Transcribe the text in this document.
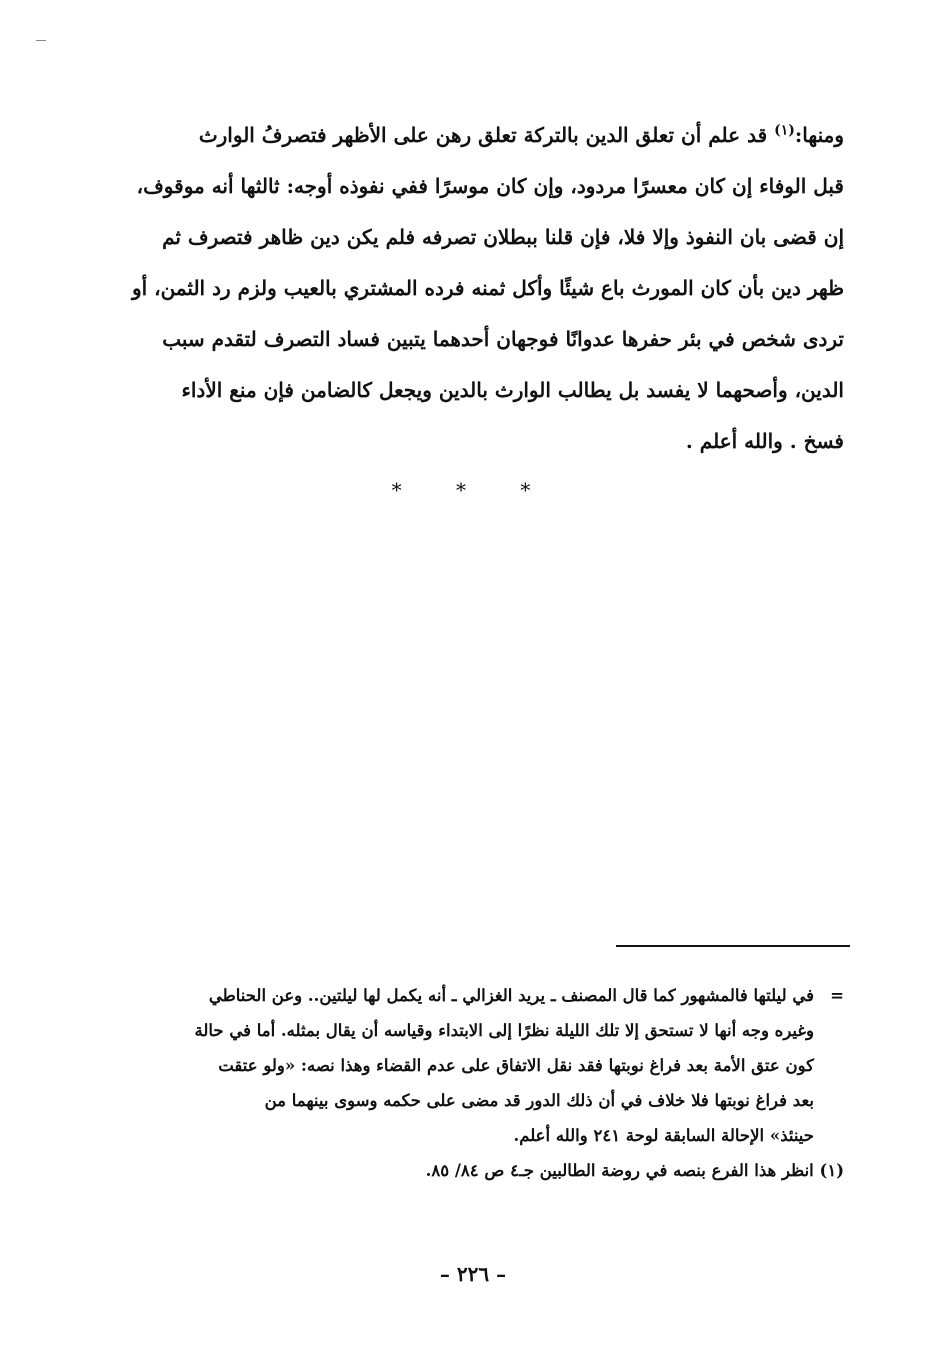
ومنها:$^{(١)}$ قد علم أن تعلق الدين بالتركة تعلق رهن على الأظهر فتصرفُ الوارث

قبل الوفاء إن كان معسرًا مردود، وإن كان موسرًا ففي نفوذه أوجه: ثالثها أنه موقوف،

إن قضى بان النفوذ وإلا فلا، فإن قلنا ببطلان تصرفه فلم يكن دين ظاهر فتصرف ثم

ظهر دين بأن كان المورث باع شيئًا وأكل ثمنه فرده المشتري بالعيب ولزم رد الثمن، أو

تردى شخص في بئر حفرها عدوانًا فوجهان أحدهما يتبين فساد التصرف لتقدم سبب

الدين، وأصحهما لا يفسد بل يطالب الوارث بالدين ويجعل كالضامن فإن منع الأداء

فسخ . والله أعلم .

* * *
=
في ليلتها فالمشهور كما قال المصنف ـ يريد الغزالي ـ أنه يكمل لها ليلتين.. وعن الحناطي
وغيره وجه أنها لا تستحق إلا تلك الليلة نظرًا إلى الابتداء وقياسه أن يقال بمثله. أما في حالة
كون عتق الأمة بعد فراغ نوبتها فقد نقل الاتفاق على عدم القضاء وهذا نصه: «ولو عتقت
بعد فراغ نوبتها فلا خلاف في أن ذلك الدور قد مضى على حكمه وسوى بينهما من
حينئذ» الإحالة السابقة لوحة ٢٤١ والله أعلم.
(١) انظر هذا الفرع بنصه في روضة الطالبين جـ٤ ص ٨٤/ ٨٥.
– ٢٢٦ –
